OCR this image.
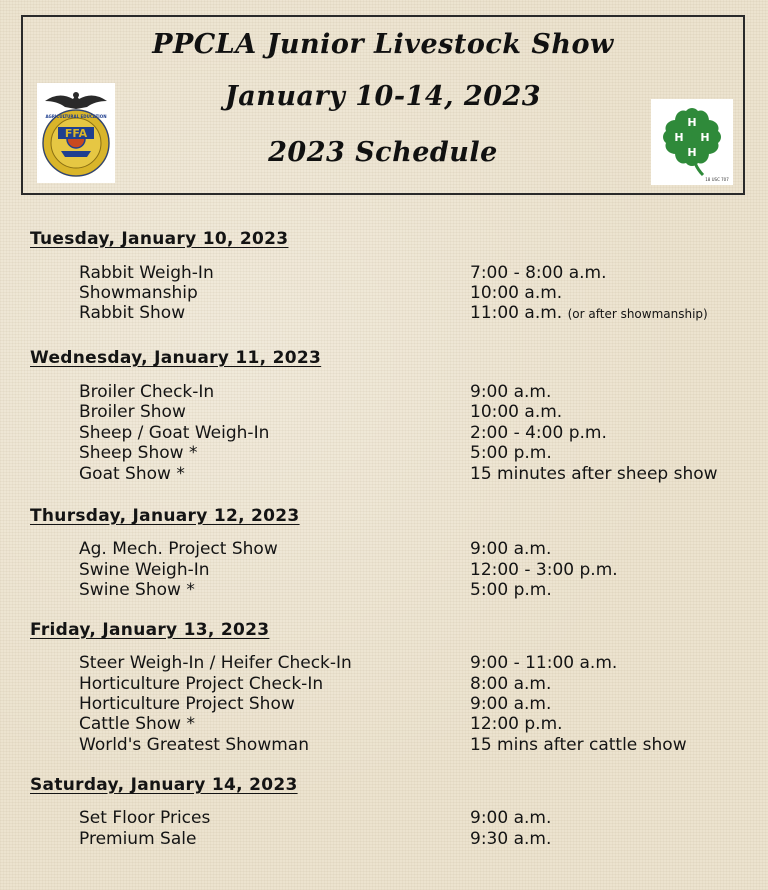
PPCLA Junior Livestock Show
January 10-14, 2023
2023 Schedule
FFA
AGRICULTURAL EDUCATION	H
H
H
H
18 USC 707
Tuesday, January 10, 2023
Rabbit Weigh-In	7:00 - 8:00 a.m.
Showmanship	10:00 a.m.
Rabbit Show	11:00 a.m. (or after showmanship)
Wednesday, January 11, 2023
Broiler Check-In	9:00 a.m.
Broiler Show	10:00 a.m.
Sheep / Goat Weigh-In	2:00 - 4:00 p.m.
Sheep Show *	5:00 p.m.
Goat Show *	15 minutes after sheep show
Thursday, January 12, 2023
Ag. Mech. Project Show	9:00 a.m.
Swine Weigh-In	12:00 - 3:00 p.m.
Swine Show *	5:00 p.m.
Friday, January 13, 2023
Steer Weigh-In / Heifer Check-In	9:00 - 11:00 a.m.
Horticulture Project Check-In	8:00 a.m.
Horticulture Project Show	9:00 a.m.
Cattle Show *	12:00 p.m.
World's Greatest Showman	15 mins after cattle show
Saturday, January 14, 2023
Set Floor Prices	9:00 a.m.
Premium Sale	9:30 a.m.
